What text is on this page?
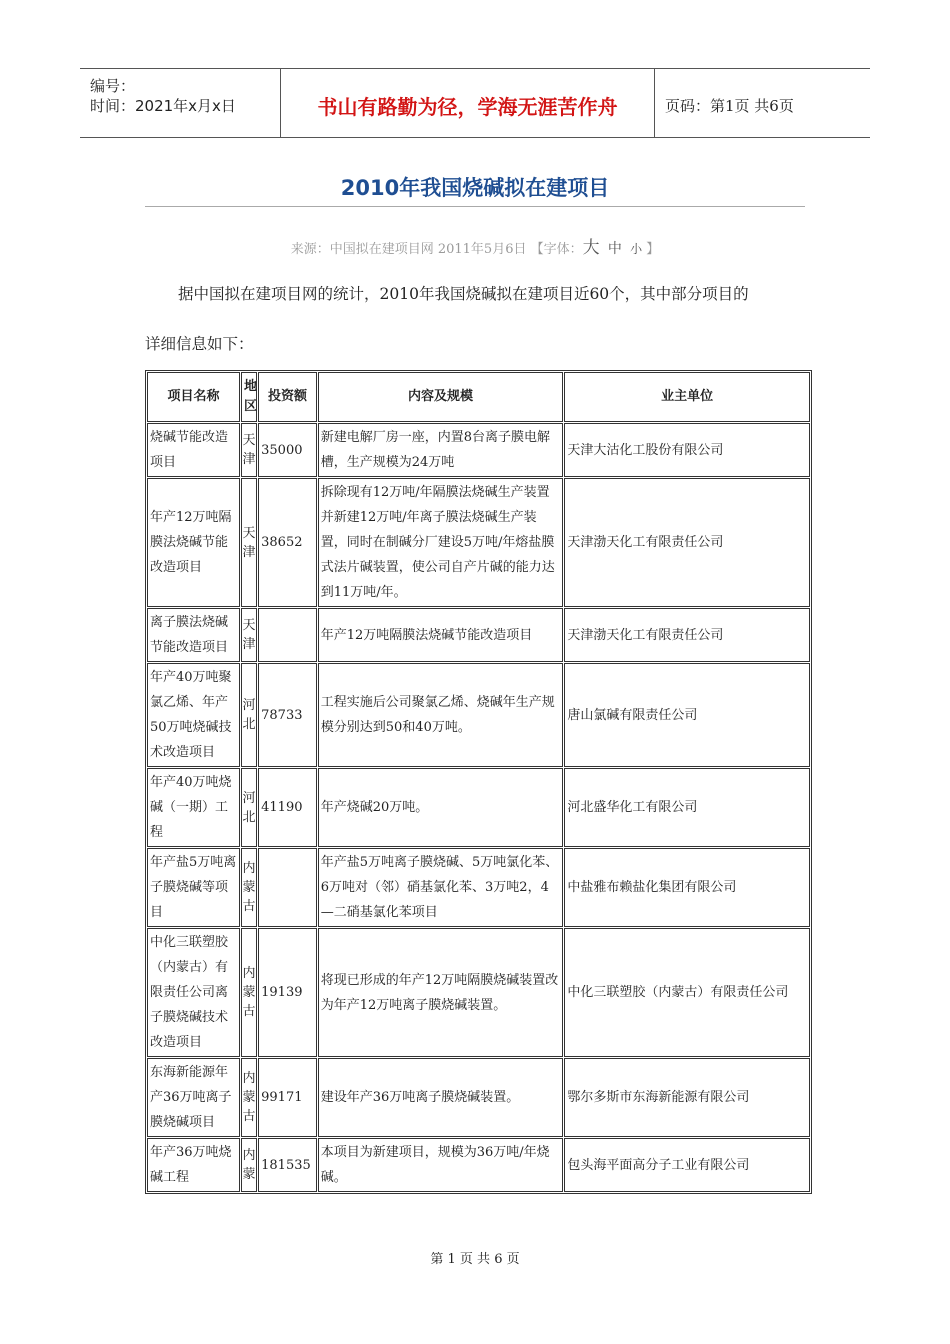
编号：
时间：2021年x月x日	书山有路勤为径，学海无涯苦作舟	页码：第1页 共6页
2010年我国烧碱拟在建项目
来源：中国拟在建项目网 2011年5月6日 【字体：大 中 小 】
据中国拟在建项目网的统计，2010年我国烧碱拟在建项目近60个，其中部分项目的
详细信息如下：
项目名称	地区	投资额	内容及规模	业主单位
烧碱节能改造项目	天津	35000	新建电解厂房一座，内置8台离子膜电解槽，生产规模为24万吨	天津大沽化工股份有限公司
年产12万吨隔膜法烧碱节能改造项目	天津	38652	拆除现有12万吨/年隔膜法烧碱生产装置并新建12万吨/年离子膜法烧碱生产装置，同时在制碱分厂建设5万吨/年熔盐膜式法片碱装置，使公司自产片碱的能力达到11万吨/年。	天津渤天化工有限责任公司
离子膜法烧碱节能改造项目	天津		年产12万吨隔膜法烧碱节能改造项目	天津渤天化工有限责任公司
年产40万吨聚氯乙烯、年产50万吨烧碱技术改造项目	河北	78733	工程实施后公司聚氯乙烯、烧碱年生产规模分别达到50和40万吨。	唐山氯碱有限责任公司
年产40万吨烧碱（一期）工程	河北	41190	年产烧碱20万吨。	河北盛华化工有限公司
年产盐5万吨离子膜烧碱等项目	内蒙古		年产盐5万吨离子膜烧碱、5万吨氯化苯、6万吨对（邻）硝基氯化苯、3万吨2，4—二硝基氯化苯项目	中盐雅布赖盐化集团有限公司
中化三联塑胶（内蒙古）有限责任公司离子膜烧碱技术改造项目	内蒙古	19139	将现已形成的年产12万吨隔膜烧碱装置改为年产12万吨离子膜烧碱装置。	中化三联塑胶（内蒙古）有限责任公司
东海新能源年产36万吨离子膜烧碱项目	内蒙古	99171	建设年产36万吨离子膜烧碱装置。	鄂尔多斯市东海新能源有限公司
年产36万吨烧碱工程	内蒙	181535	本项目为新建项目，规模为36万吨/年烧碱。	包头海平面高分子工业有限公司
第 1 页 共 6 页
